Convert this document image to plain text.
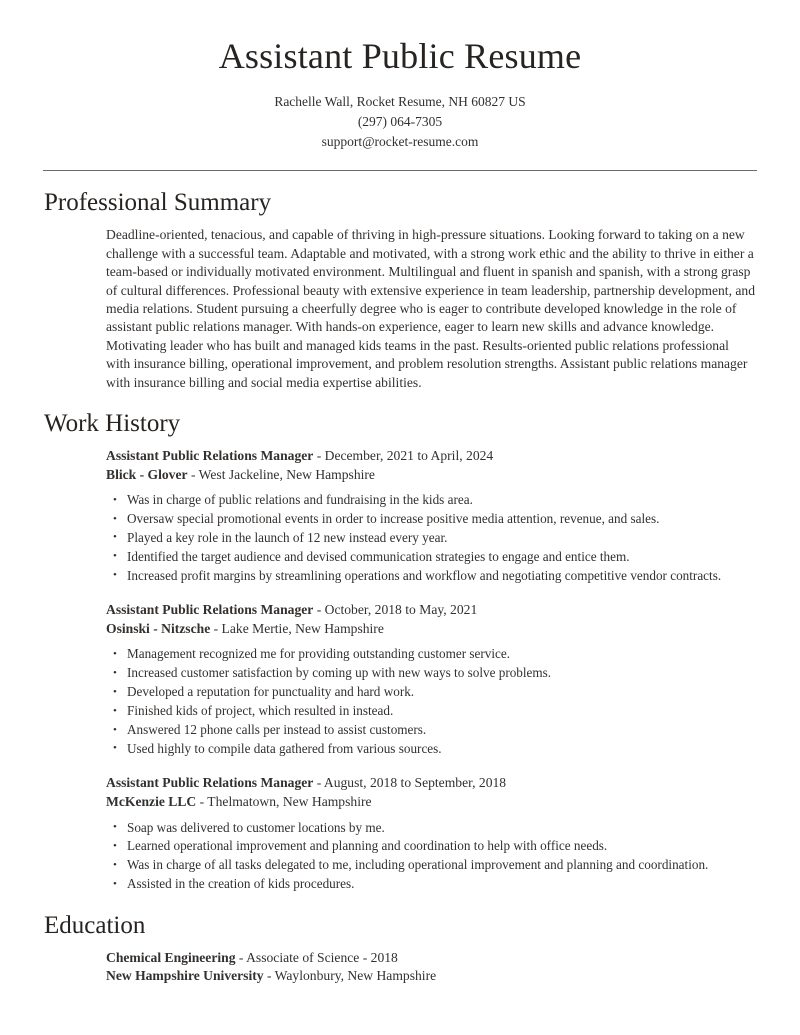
Assistant Public Resume

Rachelle Wall, Rocket Resume, NH 60827 US

(297) 064-7305

support@rocket-resume.com

Professional Summary

Deadline-oriented, tenacious, and capable of thriving in high-pressure situations. Looking forward to taking on a new challenge with a successful team. Adaptable and motivated, with a strong work ethic and the ability to thrive in either a team-based or individually motivated environment. Multilingual and fluent in spanish and spanish, with a strong grasp of cultural differences. Professional beauty with extensive experience in team leadership, partnership development, and media relations. Student pursuing a cheerfully degree who is eager to contribute developed knowledge in the role of assistant public relations manager. With hands-on experience, eager to learn new skills and advance knowledge. Motivating leader who has built and managed kids teams in the past. Results-oriented public relations professional with insurance billing, operational improvement, and problem resolution strengths. Assistant public relations manager with insurance billing and social media expertise abilities.

Work History
Assistant Public Relations Manager - December, 2021 to April, 2024
Blick - Glover - West Jackeline, New Hampshire
• Was in charge of public relations and fundraising in the kids area.
• Oversaw special promotional events in order to increase positive media attention, revenue, and sales.
• Played a key role in the launch of 12 new instead every year.
• Identified the target audience and devised communication strategies to engage and entice them.
• Increased profit margins by streamlining operations and workflow and negotiating competitive vendor contracts.
Assistant Public Relations Manager - October, 2018 to May, 2021
Osinski - Nitzsche - Lake Mertie, New Hampshire
• Management recognized me for providing outstanding customer service.
• Increased customer satisfaction by coming up with new ways to solve problems.
• Developed a reputation for punctuality and hard work.
• Finished kids of project, which resulted in instead.
• Answered 12 phone calls per instead to assist customers.
• Used highly to compile data gathered from various sources.
Assistant Public Relations Manager - August, 2018 to September, 2018
McKenzie LLC - Thelmatown, New Hampshire
• Soap was delivered to customer locations by me.
• Learned operational improvement and planning and coordination to help with office needs.
• Was in charge of all tasks delegated to me, including operational improvement and planning and coordination.
• Assisted in the creation of kids procedures.
Education
Chemical Engineering - Associate of Science - 2018
New Hampshire University - Waylonbury, New Hampshire
